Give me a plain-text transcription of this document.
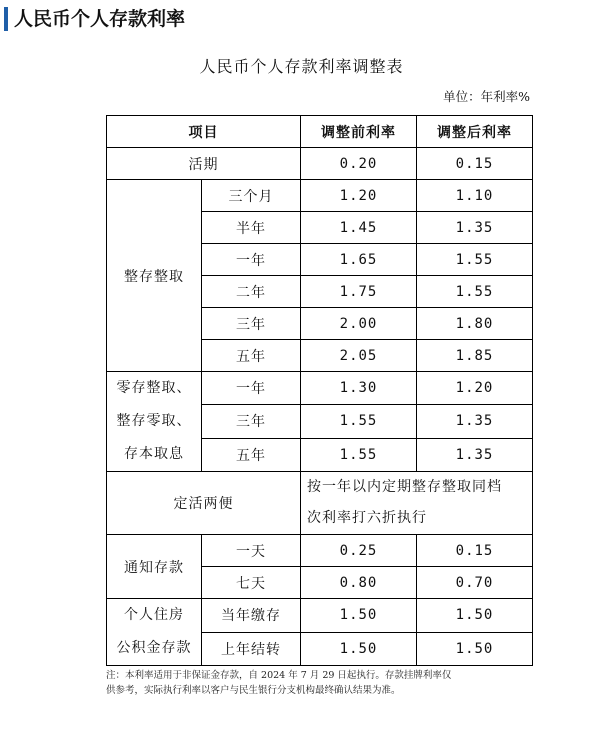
人民币个人存款利率
人民币个人存款利率调整表
单位：年利率%
项目		调整前利率	调整后利率
活期		0.20	0.15
整存整取	三个月	1.20	1.10
	半年	1.45	1.35
	一年	1.65	1.55
	二年	1.75	1.55
	三年	2.00	1.80
	五年	2.05	1.85

零存整取、
整存零取、
存本取息	一年	1.30	1.20
	三年	1.55	1.35
	五年	1.55	1.35
定活两便		按一年以内定期整存整取同档
次利率打六折执行	

通知存款	一天	0.25	0.15
	七天	0.80	0.70

个人住房
公积金存款	当年缴存	1.50	1.50
	上年结转	1.50	1.50
注：本利率适用于非保证金存款，自 2024 年 7 月 29 日起执行。存款挂牌利率仅
供参考，实际执行利率以客户与民生银行分支机构最终确认结果为准。
